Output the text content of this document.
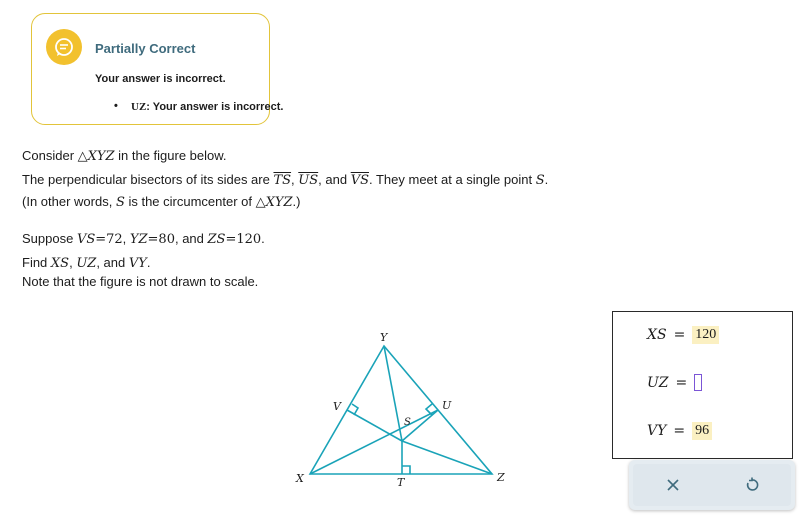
Partially Correct
Your answer is incorrect.
• UZ: Your answer is incorrect.
Consider △XYZ in the figure below.
The perpendicular bisectors of its sides are $\overline{TS}$, $\overline{US}$, and $\overline{VS}$. They meet at a single point S.
(In other words, S is the circumcenter of △XYZ.)
Suppose VS=72, YZ=80, and ZS=120.
Find XS, UZ, and VY.
Note that the figure is not drawn to scale.
Y
X	Z
S
T
U
V
XS = 120
UZ =
VY = 96
